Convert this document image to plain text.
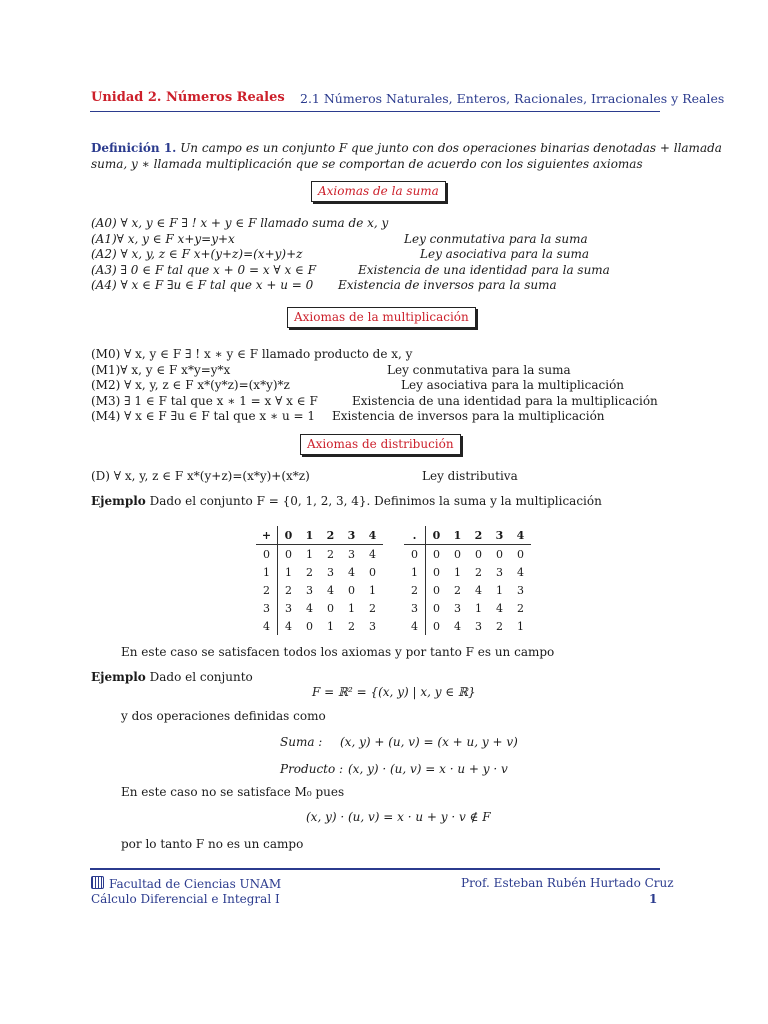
Unidad 2. Números Reales 2.1 Números Naturales, Enteros, Racionales, Irracionales y Reales
Definición 1. Un campo es un conjunto F que junto con dos operaciones binarias denotadas + llamada
suma, y ∗ llamada multiplicación que se comportan de acuerdo con los siguientes axiomas
Axiomas de la suma
(A0) ∀ x, y ∈ F ∃ ! x + y ∈ F llamado suma de x, y
(A1)∀ x, y ∈ F x+y=y+x	Ley conmutativa para la suma
(A2) ∀ x, y, z ∈ F x+(y+z)=(x+y)+z	Ley asociativa para la suma
(A3) ∃ 0 ∈ F tal que x + 0 = x ∀ x ∈ F	Existencia de una identidad para la suma
(A4) ∀ x ∈ F ∃u ∈ F tal que x + u = 0 Existencia de inversos para la suma
Axiomas de la multiplicación
(M0) ∀ x, y ∈ F ∃ ! x ∗ y ∈ F llamado producto de x, y
(M1)∀ x, y ∈ F x*y=y*x	Ley conmutativa para la suma
(M2) ∀ x, y, z ∈ F x*(y*z)=(x*y)*z	Ley asociativa para la multiplicación
(M3) ∃ 1 ∈ F tal que x ∗ 1 = x ∀ x ∈ F	Existencia de una identidad para la multiplicación
(M4) ∀ x ∈ F ∃u ∈ F tal que x ∗ u = 1 Existencia de inversos para la multiplicación
Axiomas de distribución
(D) ∀ x, y, z ∈ F x*(y+z)=(x*y)+(x*z)	Ley distributiva
Ejemplo Dado el conjunto F = {0, 1, 2, 3, 4}. Definimos la suma y la multiplicación
+	0	1	2	3	4
0	0	1	2	3	4
1	1	2	3	4	0
2	2	3	4	0	1
3	3	4	0	1	2
4	4	0	1	2	3
.	0	1	2	3	4
0	0	0	0	0	0
1	0	1	2	3	4
2	0	2	4	1	3
3	0	3	1	4	2
4	0	4	3	2	1
En este caso se satisfacen todos los axiomas y por tanto F es un campo
Ejemplo Dado el conjunto
F = ℝ² = {(x, y) | x, y ∈ ℝ}
y dos operaciones definidas como
Suma : (x, y) + (u, v) = (x + u, y + v)
Producto : (x, y) · (u, v) = x · u + y · v
En este caso no se satisface M₀ pues
(x, y) · (u, v) = x · u + y · v ∉ F
por lo tanto F no es un campo
Facultad de Ciencias UNAM
Cálculo Diferencial e Integral I
Prof. Esteban Rubén Hurtado Cruz
1
